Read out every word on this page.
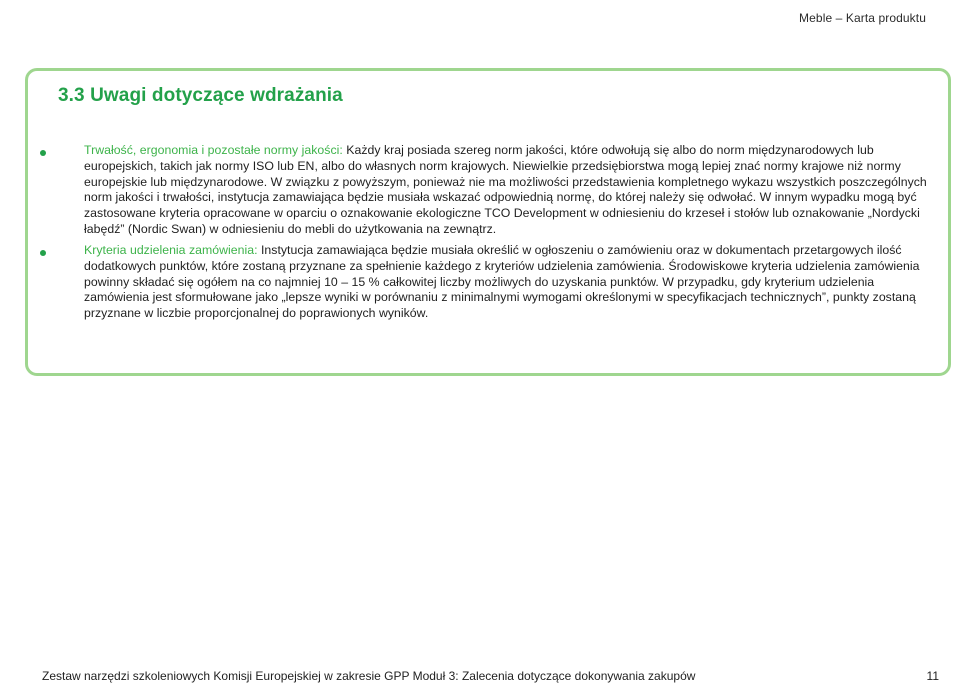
Meble – Karta produktu
3.3 Uwagi dotyczące wdrażania
Trwałość, ergonomia i pozostałe normy jakości: Każdy kraj posiada szereg norm jakości, które odwołują się albo do norm międzynarodowych lub europejskich, takich jak normy ISO lub EN, albo do własnych norm krajowych. Niewielkie przedsiębiorstwa mogą lepiej znać normy krajowe niż normy europejskie lub międzynarodowe. W związku z powyższym, ponieważ nie ma możliwości przedstawienia kompletnego wykazu wszystkich poszczególnych norm jakości i trwałości, instytucja zamawiająca będzie musiała wskazać odpowiednią normę, do której należy się odwołać. W innym wypadku mogą być zastosowane kryteria opracowane w oparciu o oznakowanie ekologiczne TCO Development w odniesieniu do krzeseł i stołów lub oznakowanie „Nordycki łabędź” (Nordic Swan) w odniesieniu do mebli do użytkowania na zewnątrz.
Kryteria udzielenia zamówienia: Instytucja zamawiająca będzie musiała określić w ogłoszeniu o zamówieniu oraz w dokumentach przetargowych ilość dodatkowych punktów, które zostaną przyznane za spełnienie każdego z kryteriów udzielenia zamówienia. Środowiskowe kryteria udzielenia zamówienia powinny składać się ogółem na co najmniej 10 – 15 % całkowitej liczby możliwych do uzyskania punktów. W przypadku, gdy kryterium udzielenia zamówienia jest sformułowane jako „lepsze wyniki w porównaniu z minimalnymi wymogami określonymi w specyfikacjach technicznych”, punkty zostaną przyznane w liczbie proporcjonalnej do poprawionych wyników.
Zestaw narzędzi szkoleniowych Komisji Europejskiej w zakresie GPP Moduł 3: Zalecenia dotyczące dokonywania zakupów	11
